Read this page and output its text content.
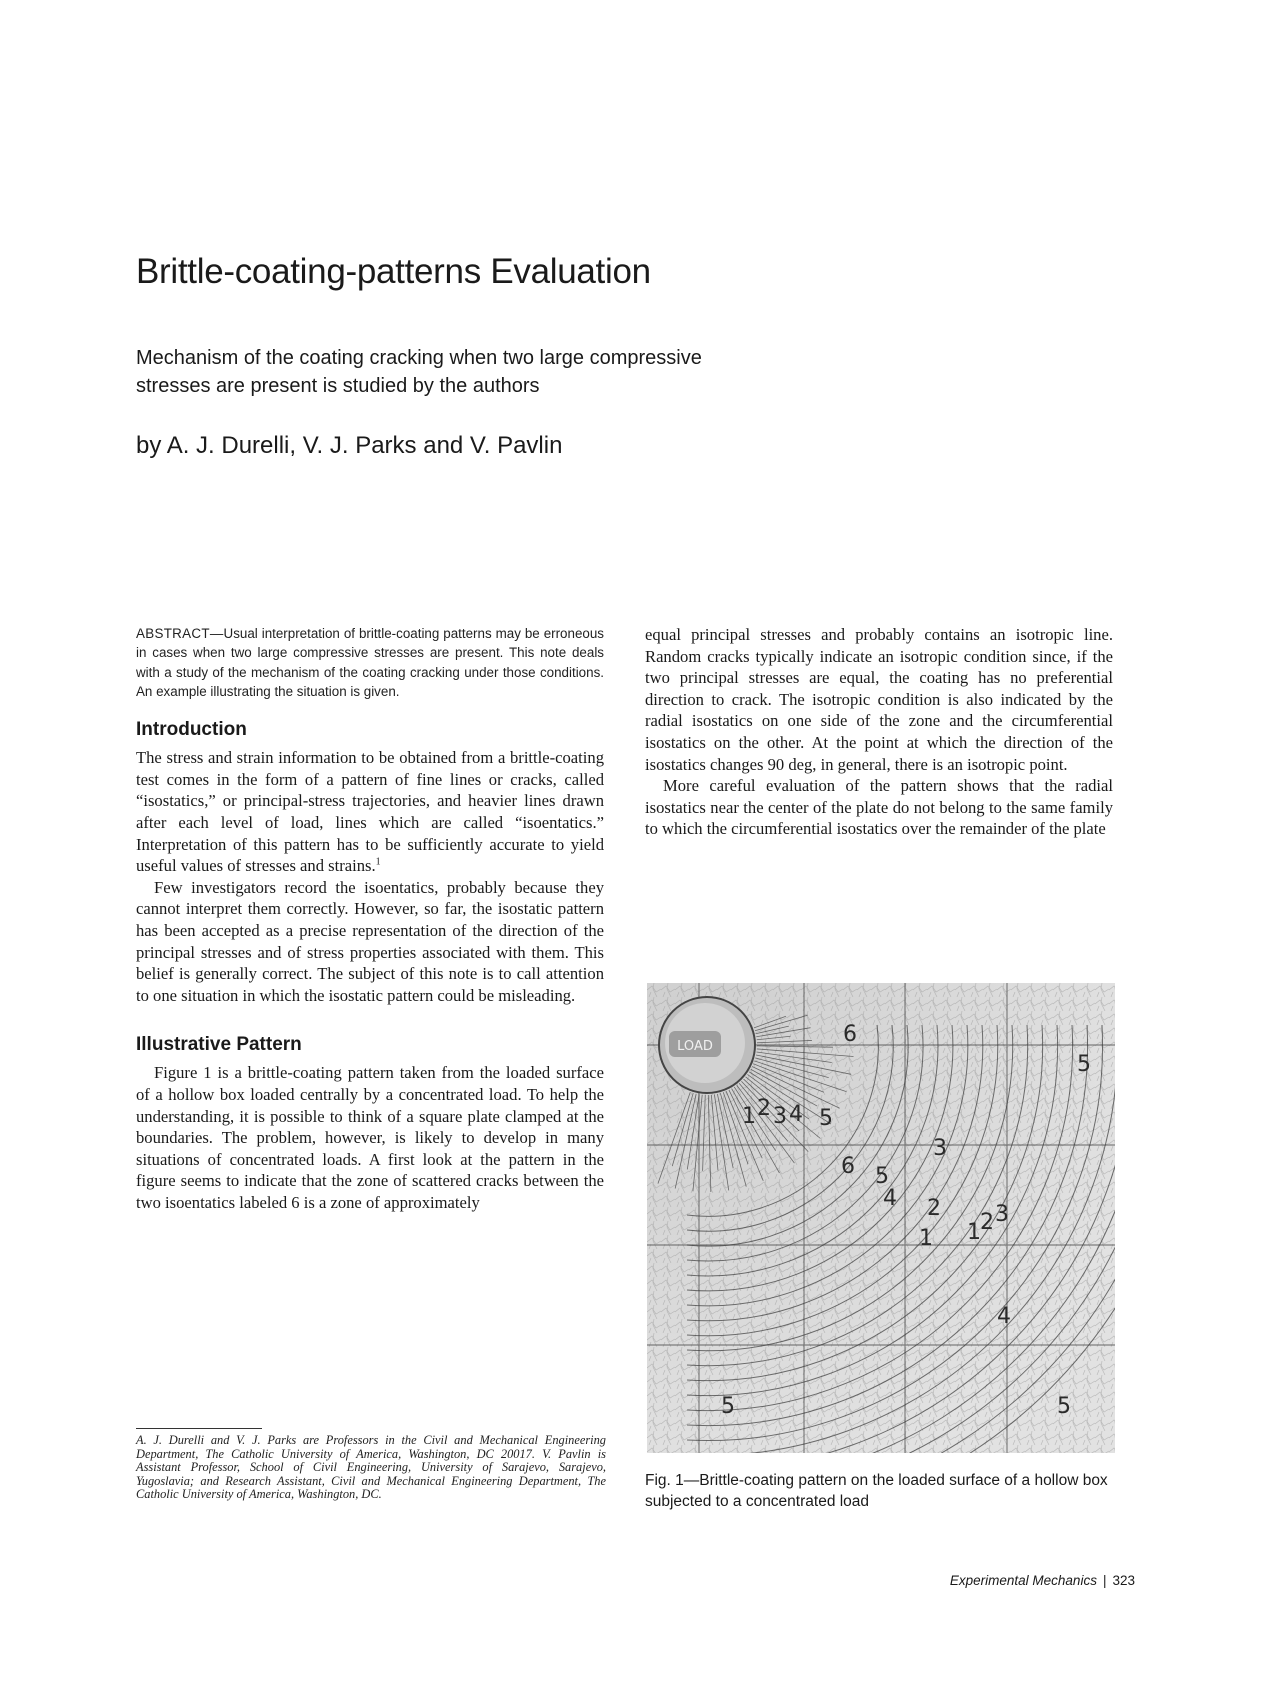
Brittle-coating-patterns Evaluation

Mechanism of the coating cracking when two large compressive stresses are present is studied by the authors

by A. J. Durelli, V. J. Parks and V. Pavlin

ABSTRACT—Usual interpretation of brittle-coating patterns may be erroneous in cases when two large compressive stresses are present. This note deals with a study of the mechanism of the coating cracking under those conditions. An example illustrating the situation is given.

Introduction

The stress and strain information to be obtained from a brittle-coating test comes in the form of a pattern of fine lines or cracks, called “isostatics,” or principal-stress trajectories, and heavier lines drawn after each level of load, lines which are called “isoentatics.” Interpretation of this pattern has to be sufficiently accurate to yield useful values of stresses and strains.$^1$

Few investigators record the isoentatics, probably because they cannot interpret them correctly. However, so far, the isostatic pattern has been accepted as a precise representation of the direction of the principal stresses and of stress properties associated with them. This belief is generally correct. The subject of this note is to call attention to one situation in which the isostatic pattern could be misleading.

Illustrative Pattern

Figure 1 is a brittle-coating pattern taken from the loaded surface of a hollow box loaded centrally by a concentrated load. To help the understanding, it is possible to think of a square plate clamped at the boundaries. The problem, however, is likely to develop in many situations of concentrated loads. A first look at the pattern in the figure seems to indicate that the zone of scattered cracks between the two isoentatics labeled 6 is a zone of approximately

equal principal stresses and probably contains an isotropic line. Random cracks typically indicate an isotropic condition since, if the two principal stresses are equal, the coating has no preferential direction to crack. The isotropic condition is also indicated by the radial isostatics on one side of the zone and the circumferential isostatics on the other. At the point at which the direction of the isostatics changes 90 deg, in general, there is an isotropic point.

More careful evaluation of the pattern shows that the radial isostatics near the center of the plate do not belong to the same family to which the circumferential isostatics over the remainder of the plate

A. J. Durelli and V. J. Parks are Professors in the Civil and Mechanical Engineering Department, The Catholic University of America, Washington, DC 20017. V. Pavlin is Assistant Professor, School of Civil Engineering, University of Sarajevo, Sarajevo, Yugoslavia; and Research Assistant, Civil and Mechanical Engineering Department, The Catholic University of America, Washington, DC.

LOAD	6
5
1 2 3 4 5
6 5
4
3
2
1 1 2 3
4
5	5

Fig. 1—Brittle-coating pattern on the loaded surface of a hollow box subjected to a concentrated load

Experimental Mechanics | 323
